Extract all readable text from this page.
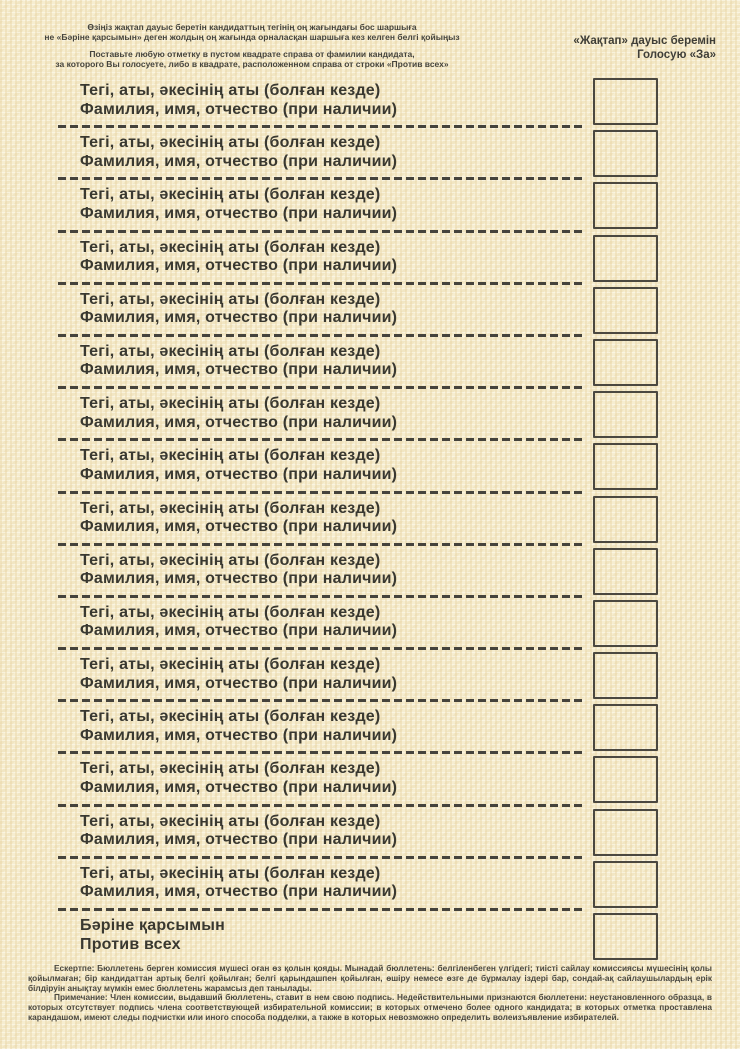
Өзіңіз жақтап дауыс беретін кандидаттың тегінің оң жағындағы бос шаршыға
не «Бәріне қарсымын» деген жолдың оң жағында орналасқан шаршыға кез келген белгі қойыңыз
Поставьте любую отметку в пустом квадрате справа от фамилии кандидата,
за которого Вы голосуете, либо в квадрате, расположенном справа от строки «Против всех»
«Жақтап» дауыс беремін
Голосую «За»
Тегі, аты, әкесінің аты (болған кезде)
Фамилия, имя, отчество (при наличии)
Тегі, аты, әкесінің аты (болған кезде)
Фамилия, имя, отчество (при наличии)
Тегі, аты, әкесінің аты (болған кезде)
Фамилия, имя, отчество (при наличии)
Тегі, аты, әкесінің аты (болған кезде)
Фамилия, имя, отчество (при наличии)
Тегі, аты, әкесінің аты (болған кезде)
Фамилия, имя, отчество (при наличии)
Тегі, аты, әкесінің аты (болған кезде)
Фамилия, имя, отчество (при наличии)
Тегі, аты, әкесінің аты (болған кезде)
Фамилия, имя, отчество (при наличии)
Тегі, аты, әкесінің аты (болған кезде)
Фамилия, имя, отчество (при наличии)
Тегі, аты, әкесінің аты (болған кезде)
Фамилия, имя, отчество (при наличии)
Тегі, аты, әкесінің аты (болған кезде)
Фамилия, имя, отчество (при наличии)
Тегі, аты, әкесінің аты (болған кезде)
Фамилия, имя, отчество (при наличии)
Тегі, аты, әкесінің аты (болған кезде)
Фамилия, имя, отчество (при наличии)
Тегі, аты, әкесінің аты (болған кезде)
Фамилия, имя, отчество (при наличии)
Тегі, аты, әкесінің аты (болған кезде)
Фамилия, имя, отчество (при наличии)
Тегі, аты, әкесінің аты (болған кезде)
Фамилия, имя, отчество (при наличии)
Тегі, аты, әкесінің аты (болған кезде)
Фамилия, имя, отчество (при наличии)
Бәріне қарсымын
Против всех

Ескертпе: Бюллетень берген комиссия мүшесі оған өз қолын қояды. Мынадай бюллетень: белгіленбеген үлгідегі; тиісті сайлау комиссиясы мүшесінің қолы қойылмаған; бір кандидаттан артық белгі қойылған; белгі қарындашпен қойылған, өшіру немесе өзге де бұрмалау іздері бар, сондай-ақ сайлаушылардың ерік білдіруін анықтау мүмкін емес бюллетень жарамсыз деп танылады.

Примечание: Член комиссии, выдавший бюллетень, ставит в нем свою подпись. Недействительными признаются бюллетени: неустановленного образца, в которых отсутствует подпись члена соответствующей избирательной комиссии; в которых отмечено более одного кандидата; в которых отметка проставлена карандашом, имеют следы подчистки или иного способа подделки, а также в которых невозможно определить волеизъявление избирателей.
